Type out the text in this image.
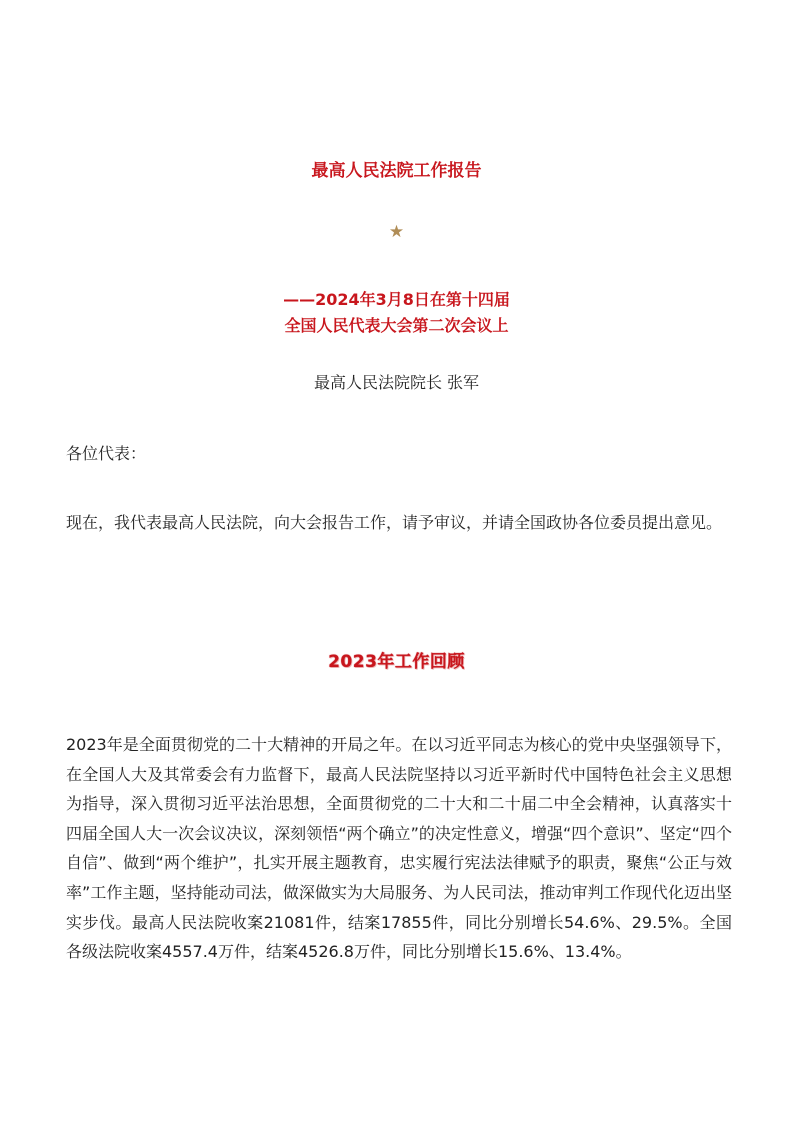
最高人民法院工作报告
★
——2024年3月8日在第十四届
全国人民代表大会第二次会议上
最高人民法院院长 张军
各位代表：
现在，我代表最高人民法院，向大会报告工作，请予审议，并请全国政协各位委员提出意见。
2023年工作回顾
2023年是全面贯彻党的二十大精神的开局之年。在以习近平同志为核心的党中央坚强领导下，在全国人大及其常委会有力监督下，最高人民法院坚持以习近平新时代中国特色社会主义思想为指导，深入贯彻习近平法治思想，全面贯彻党的二十大和二十届二中全会精神，认真落实十四届全国人大一次会议决议，深刻领悟“两个确立”的决定性意义，增强“四个意识”、坚定“四个自信”、做到“两个维护”，扎实开展主题教育，忠实履行宪法法律赋予的职责，聚焦“公正与效率”工作主题，坚持能动司法，做深做实为大局服务、为人民司法，推动审判工作现代化迈出坚实步伐。最高人民法院收案21081件，结案17855件，同比分别增长54.6%、29.5%。全国各级法院收案4557.4万件，结案4526.8万件，同比分别增长15.6%、13.4%。
